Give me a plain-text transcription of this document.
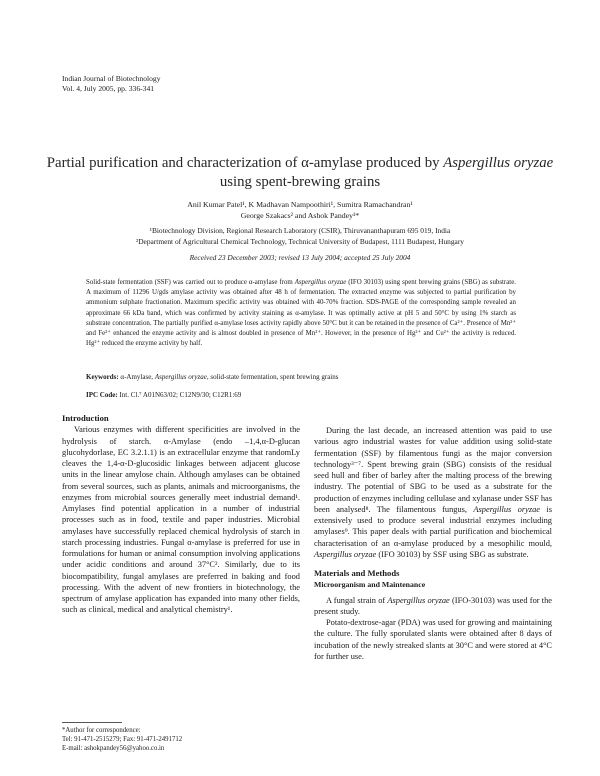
Indian Journal of Biotechnology
Vol. 4, July 2005, pp. 336-341
Partial purification and characterization of α-amylase produced by Aspergillus oryzae using spent-brewing grains
Anil Kumar Patel¹, K Madhavan Nampoothiri¹, Sumitra Ramachandran¹
George Szakacs² and Ashok Pandey¹*
¹Biotechnology Division, Regional Research Laboratory (CSIR), Thiruvananthapuram 695 019, India
²Department of Agricultural Chemical Technology, Technical University of Budapest, 1111 Budapest, Hungary
Received 23 December 2003; revised 13 July 2004; accepted 25 July 2004
Solid-state fermentation (SSF) was carried out to produce α-amylase from Aspergillus oryzae (IFO 30103) using spent brewing grains (SBG) as substrate. A maximum of 11296 U/gds amylase activity was obtained after 48 h of fermentation. The extracted enzyme was subjected to partial purification by ammonium sulphate fractionation. Maximum specific activity was obtained with 40-70% fraction. SDS-PAGE of the corresponding sample revealed an approximate 66 kDa band, which was confirmed by activity staining as α-amylase. It was optimally active at pH 5 and 50°C by using 1% starch as substrate concentration. The partially purified α-amylase loses activity rapidly above 50°C but it can be retained in the presence of Ca²⁺. Presence of Mn²⁺ and Fe²⁺ enhanced the enzyme activity and is almost doubled in presence of Mn²⁺. However, in the presence of Hg²⁺ and Cu²⁺ the activity is reduced. Hg²⁺ reduced the enzyme activity by half.
Keywords: α-Amylase, Aspergillus oryzae, solid-state fermentation, spent brewing grains
IPC Code: Int. Cl.⁷ A01N63/02; C12N9/30; C12R1:69
Introduction

Various enzymes with different specificities are involved in the hydrolysis of starch. α-Amylase (endo –1,4,α-D-glucan glucohydorlase, EC 3.2.1.1) is an extracellular enzyme that randomLy cleaves the 1,4-α-D-glucosidic linkages between adjacent glucose units in the linear amylose chain. Although amylases can be obtained from several sources, such as plants, animals and microorganisms, the enzymes from microbial sources generally meet industrial demand¹. Amylases find potential application in a number of industrial processes such as in food, textile and paper industries. Microbial amylases have successfully replaced chemical hydrolysis of starch in starch processing industries. Fungal α-amylase is preferred for use in formulations for human or animal consumption involving applications under acidic conditions and around 37°C². Similarly, due to its biocompatibility, fungal amylases are preferred in baking and food processing. With the advent of new frontiers in biotechnology, the spectrum of amylase application has expanded into many other fields, such as clinical, medical and analytical chemistry¹.

During the last decade, an increased attention was paid to use various agro industrial wastes for value addition using solid-state fermentation (SSF) by filamentous fungi as the major conversion technology³⁻⁷. Spent brewing grain (SBG) consists of the residual seed hull and fiber of barley after the malting process of the brewing industry. The potential of SBG to be used as a substrate for the production of enzymes including cellulase and xylanase under SSF has been analysed⁸. The filamentous fungus, Aspergillus oryzae is extensively used to produce several industrial enzymes including amylases⁹. This paper deals with partial purification and biochemical characterisation of an α-amylase produced by a mesophilic mould, Aspergillus oryzae (IFO 30103) by SSF using SBG as substrate.

Materials and Methods
Microorganism and Maintenance

A fungal strain of Aspergillus oryzae (IFO-30103) was used for the present study.

Potato-dextrose-agar (PDA) was used for growing and maintaining the culture. The fully sporulated slants were obtained after 8 days of incubation of the newly streaked slants at 30°C and were stored at 4°C for further use.

*Author for correspondence:
Tel: 91-471-2515279; Fax: 91-471-2491712
E-mail: ashokpandey56@yahoo.co.in
